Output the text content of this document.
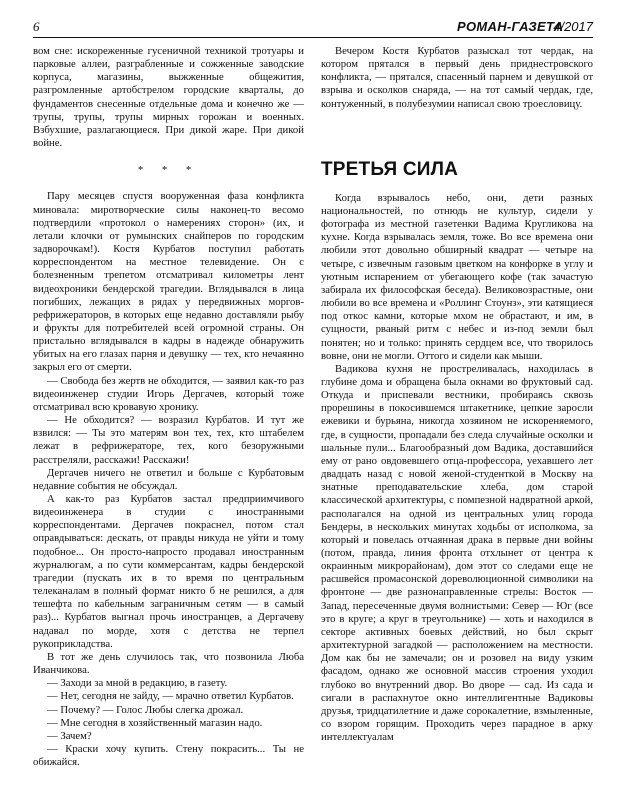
6	РОМАН-ГАЗЕТА
4/2017

вом сне: искореженные гусеничной техникой тротуары и парковые аллеи, разграбленные и сожженные заводские корпуса, магазины, выжженные общежития, разгромленные артобстрелом городские кварталы, до фундаментов снесенные отдельные дома и конечно же — трупы, трупы, трупы мирных горожан и военных. Взбухшие, разлагающиеся. При дикой жаре. При дикой войне.

* * *

Пару месяцев спустя вооруженная фаза конфликта миновала: миротворческие силы наконец-то весомо подтвердили «протокол о намерениях сторон» (их, и летали клочки от румынских снайперов по городским задворочкам!). Костя Курбатов поступил работать корреспондентом на местное телевидение. Он с болезненным трепетом отсматривал километры лент видеохроники бендерской трагедии. Вглядывался в лица погибших, лежащих в рядах у передвижных моргов-рефрижераторов, в которых еще недавно доставляли рыбу и фрукты для потребителей всей огромной страны. Он пристально вглядывался в кадры в надежде обнаружить убитых на его глазах парня и девушку — тех, кто нечаянно закрыл его от смерти.

— Свобода без жертв не обходится, — заявил как-то раз видеоинженер студии Игорь Дергачев, который тоже отсматривал всю кровавую хронику.

— Не обходится? — возразил Курбатов. И тут же взвился: — Ты это матерям вон тех, тех, кто штабелем лежат в рефрижераторе, тех, кого безоружными расстреляли, расскажи! Расскажи!

Дергачев ничего не ответил и больше с Курбатовым недавние события не обсуждал.

А как-то раз Курбатов застал предприимчивого видеоинженера в студии с иностранными корреспондентами. Дергачев покраснел, потом стал оправдываться: дескать, от правды никуда не уйти и тому подобное... Он просто-напросто продавал иностранным журналюгам, а по сути коммерсантам, кадры бендерской трагедии (пускать их в то время по центральным телеканалам в полный формат никто б не решился, а для тешефта по кабельным заграничным сетям — в самый раз)... Курбатов выгнал прочь иностранцев, а Дергачеву надавал по морде, хотя с детства не терпел рукоприкладства.

В тот же день случилось так, что позвонила Люба Иванчикова.

— Заходи за мной в редакцию, в газету.

— Нет, сегодня не зайду, — мрачно ответил Курбатов.

— Почему? — Голос Любы слегка дрожал.

— Мне сегодня в хозяйственный магазин надо.

— Зачем?

— Краски хочу купить. Стену покрасить... Ты не обижайся.

Вечером Костя Курбатов разыскал тот чердак, на котором прятался в первый день приднестровского конфликта, — прятался, спасенный парнем и девушкой от взрыва и осколков снаряда, — на тот самый чердак, где, контуженный, в полубезумии написал свою троесловицу.

ТРЕТЬЯ СИЛА

Когда взрывалось небо, они, дети разных национальностей, по отнюдь не культур, сидели у фотографа из местной газетенки Вадима Кругликова на кухне. Когда взрывалась земля, тоже. Во все времена они любили этот довольно обширный квадрат — четыре на четыре, с извечным газовым цветком на конфорке в углу и уютным испарением от убегающего кофе (так зачастую забирала их философская беседа). Великовозрастные, они любили во все времена и «Роллинг Стоунз», эти катящиеся под откос камни, которые мхом не обрастают, и им, в сущности, рваный ритм с небес и из-под земли был понятен; но и только: принять сердцем все, что творилось вовне, они не могли. Оттого и сидели как мыши.

Вадикова кухня не простреливалась, находилась в глубине дома и обращена была окнами во фруктовый сад. Откуда и приспевали вестники, пробираясь сквозь прорешины в покосившемся штакетнике, цепкие заросли ежевики и бурьяна, никогда хозяином не искореняемого, где, в сущности, пропадали без следа случайные осколки и шальные пули... Благообразный дом Вадика, доставшийся ему от рано овдовевшего отца-профессора, уехавшего лет двадцать назад с новой женой-студенткой в Москву на знатные преподавательские хлеба, дом старой классической архитектуры, с помпезной надвратной аркой, располагался на одной из центральных улиц города Бендеры, в нескольких минутах ходьбы от исполкома, за который и повелась отчаянная драка в первые дни войны (потом, правда, линия фронта отхлынет от центра к окраинным микрорайонам), дом этот со следами еще не расшвейся промасонской дореволюционной символики на фронтоне — две разнонаправленные стрелы: Восток — Запад, пересеченные двумя волнистыми: Север — Юг (все это в круге; а круг в треугольнике) — хоть и находился в секторе активных боевых действий, но был скрыт архитектурной загадкой — расположением на местности. Дом как бы не замечали; он и розовел на виду узким фасадом, однако же основной массив строения уходил глубоко во внутренний двор. Во дворе — сад. Из сада и сигали в распахнутое окно интеллигентные Вадиковы друзья, тридцатилетние и даже сорокалетние, взмыленные, со взором горящим. Проходить через парадное в арку интеллектуалам
